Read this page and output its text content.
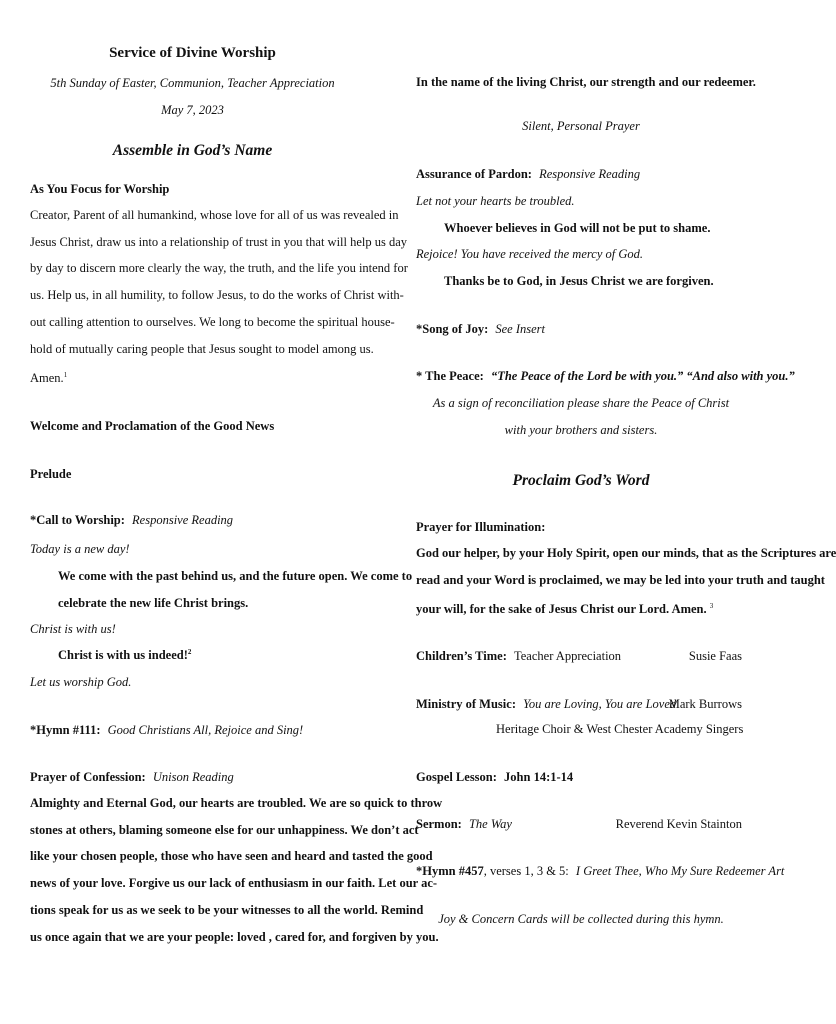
Service of Divine Worship
5th Sunday of Easter, Communion, Teacher Appreciation
May 7, 2023
Assemble in God’s Name
As You Focus for Worship
Creator, Parent of all humankind, whose love for all of us was revealed in
Jesus Christ, draw us into a relationship of trust in you that will help us day
by day to discern more clearly the way, the truth, and the life you intend for
us. Help us, in all humility, to follow Jesus, to do the works of Christ with-
out calling attention to ourselves. We long to become the spiritual house-
hold of mutually caring people that Jesus sought to model among us.
Amen.$^1$
Welcome and Proclamation of the Good News
Prelude
*Call to Worship: Responsive Reading
Today is a new day!
We come with the past behind us, and the future open. We come to
celebrate the new life Christ brings.
Christ is with us!
Christ is with us indeed!$^2$
Let us worship God.
*Hymn #111: Good Christians All, Rejoice and Sing!
Prayer of Confession: Unison Reading
Almighty and Eternal God, our hearts are troubled. We are so quick to throw
stones at others, blaming someone else for our unhappiness. We don’t act
like your chosen people, those who have seen and heard and tasted the good
news of your love. Forgive us our lack of enthusiasm in our faith. Let our ac-
tions speak for us as we seek to be your witnesses to all the world. Remind
us once again that we are your people: loved , cared for, and forgiven by you.
In the name of the living Christ, our strength and our redeemer.
Silent, Personal Prayer
Assurance of Pardon: Responsive Reading
Let not your hearts be troubled.
Whoever believes in God will not be put to shame.
Rejoice! You have received the mercy of God.
Thanks be to God, in Jesus Christ we are forgiven.
*Song of Joy: See Insert
* The Peace: “The Peace of the Lord be with you.” “And also with you.”
As a sign of reconciliation please share the Peace of Christ
with your brothers and sisters.
Proclaim God’s Word
Prayer for Illumination:
God our helper, by your Holy Spirit, open our minds, that as the Scriptures are
read and your Word is proclaimed, we may be led into your truth and taught
your will, for the sake of Jesus Christ our Lord. Amen. $^3$
Children’s Time: Teacher Appreciation	Susie Faas
Ministry of Music: You are Loving, You are Loved
Mark Burrows
Heritage Choir & West Chester Academy Singers
Gospel Lesson: John 14:1-14
Sermon: The Way	Reverend Kevin Stainton
*Hymn #457, verses 1, 3 & 5: I Greet Thee, Who My Sure Redeemer Art
Joy & Concern Cards will be collected during this hymn.
